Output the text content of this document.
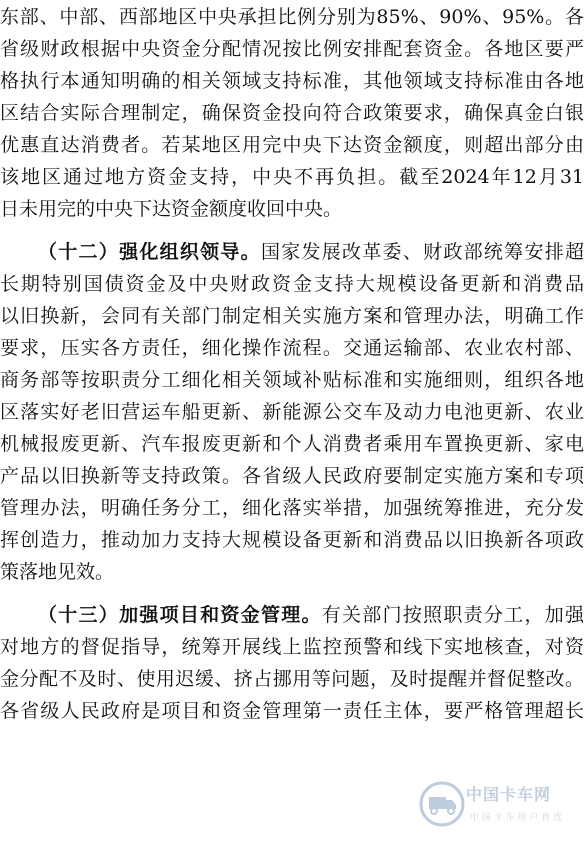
东部、中部、西部地区中央承担比例分别为85%、90%、95%。各
省级财政根据中央资金分配情况按比例安排配套资金。各地区要严
格执行本通知明确的相关领域支持标准，其他领域支持标准由各地
区结合实际合理制定，确保资金投向符合政策要求，确保真金白银
优惠直达消费者。若某地区用完中央下达资金额度，则超出部分由
该地区通过地方资金支持，中央不再负担。截至2024年12月31
日未用完的中央下达资金额度收回中央。
（十二）强化组织领导。国家发展改革委、财政部统筹安排超
长期特别国债资金及中央财政资金支持大规模设备更新和消费品
以旧换新，会同有关部门制定相关实施方案和管理办法，明确工作
要求，压实各方责任，细化操作流程。交通运输部、农业农村部、
商务部等按职责分工细化相关领域补贴标准和实施细则，组织各地
区落实好老旧营运车船更新、新能源公交车及动力电池更新、农业
机械报废更新、汽车报废更新和个人消费者乘用车置换更新、家电
产品以旧换新等支持政策。各省级人民政府要制定实施方案和专项
管理办法，明确任务分工，细化落实举措，加强统筹推进，充分发
挥创造力，推动加力支持大规模设备更新和消费品以旧换新各项政
策落地见效。
（十三）加强项目和资金管理。有关部门按照职责分工，加强
对地方的督促指导，统筹开展线上监控预警和线下实地核查，对资
金分配不及时、使用迟缓、挤占挪用等问题，及时提醒并督促整改。
各省级人民政府是项目和资金管理第一责任主体，要严格管理超长
中国卡车网
中 国 卡 车 用 户 首 选
